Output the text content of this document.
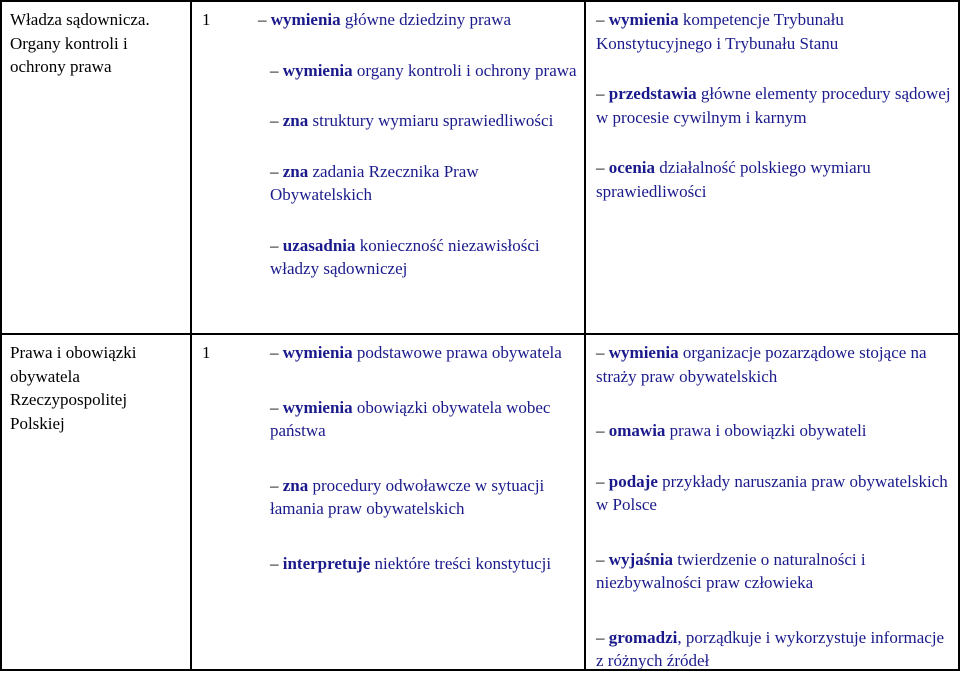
Władza sądownicza. Organy kontroli i ochrony prawa
1	– wymienia główne dziedziny prawa
– wymienia organy kontroli i ochrony prawa
– zna struktury wymiaru sprawiedliwości
– zna zadania Rzecznika Praw Obywatelskich
– uzasadnia konieczność niezawisłości władzy sądowniczej
– wymienia kompetencje Trybunału Konstytucyjnego i Trybunału Stanu
– przedstawia główne elementy procedury sądowej w procesie cywilnym i karnym
– ocenia działalność polskiego wymiaru sprawiedliwości
Prawa i obowiązki obywatela Rzeczypospolitej Polskiej
1	– wymienia podstawowe prawa obywatela
– wymienia obowiązki obywatela wobec państwa
– zna procedury odwoławcze w sytuacji łamania praw obywatelskich
– interpretuje niektóre treści konstytucji
– wymienia organizacje pozarządowe stojące na straży praw obywatelskich
– omawia prawa i obowiązki obywateli
– podaje przykłady naruszania praw obywatelskich w Polsce
– wyjaśnia twierdzenie o naturalności i niezbywalności praw człowieka
– gromadzi, porządkuje i wykorzystuje informacje z różnych źródeł
